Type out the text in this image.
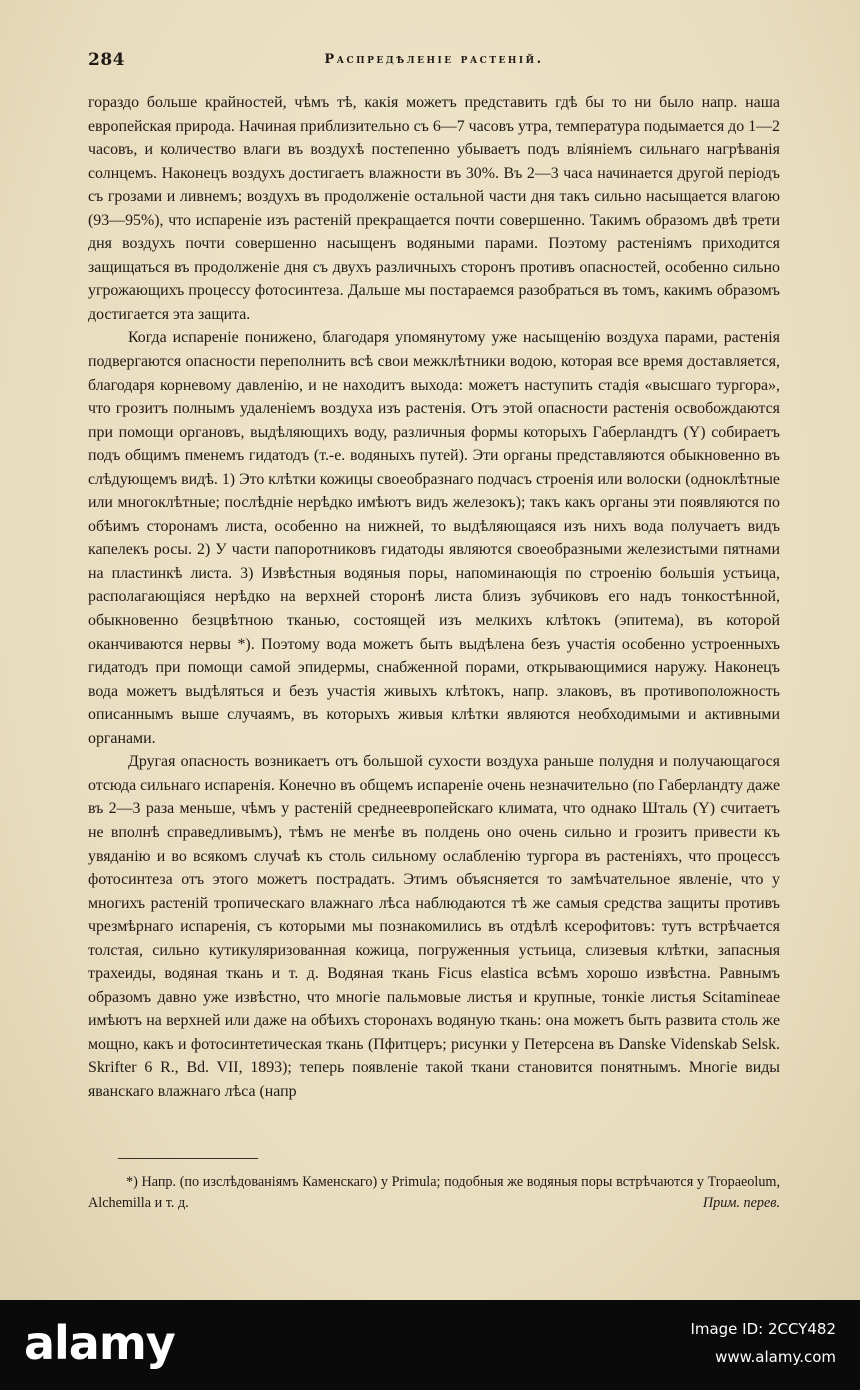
284	Распредѣленіе растеній.

гораздо больше крайностей, чѣмъ тѣ, какія можетъ представить гдѣ бы то ни было напр. наша европейская природа. Начиная приблизительно съ 6—7 часовъ утра, температура подымается до 1—2 часовъ, и количество влаги въ воздухѣ постепенно убываетъ подъ вліяніемъ сильнаго нагрѣванія солнцемъ. Наконецъ воздухъ достигаетъ влажности въ 30%. Въ 2—3 часа начинается другой періодъ съ грозами и ливнемъ; воздухъ въ продолженіе остальной части дня такъ сильно насыщается влагою (93—95%), что испареніе изъ растеній прекращается почти совершенно. Такимъ образомъ двѣ трети дня воздухъ почти совершенно насыщенъ водяными парами. Поэтому растеніямъ приходится защищаться въ продолженіе дня съ двухъ различныхъ сторонъ противъ опасностей, особенно сильно угрожающихъ процессу фотосинтеза. Дальше мы постараемся разобраться въ томъ, какимъ образомъ достигается эта защита.

Когда испареніе понижено, благодаря упомянутому уже насыщенію воздуха парами, растенія подвергаются опасности переполнить всѣ свои межклѣтники водою, которая все время доставляется, благодаря корневому давленію, и не находитъ выхода: можетъ наступить стадія «высшаго тургора», что грозитъ полнымъ удаленіемъ воздуха изъ растенія. Отъ этой опасности растенія освобождаются при помощи органовъ, выдѣляющихъ воду, различныя формы которыхъ Габерландтъ (Y) собираетъ подъ общимъ пменемъ гидатодъ (т.-е. водяныхъ путей). Эти органы представляются обыкновенно въ слѣдующемъ видѣ. 1) Это клѣтки кожицы своеобразнаго подчасъ строенія или волоски (одноклѣтные или многоклѣтные; послѣдніе нерѣдко имѣютъ видъ железокъ); такъ какъ органы эти появляются по обѣимъ сторонамъ листа, особенно на нижней, то выдѣляющаяся изъ нихъ вода получаетъ видъ капелекъ росы. 2) У части папоротниковъ гидатоды являются своеобразными железистыми пятнами на пластинкѣ листа. 3) Извѣстныя водяныя поры, напоминающія по строенію большія устьица, располагающіяся нерѣдко на верхней сторонѣ листа близъ зубчиковъ его надъ тонкостѣнной, обыкновенно безцвѣтною тканью, состоящей изъ мелкихъ клѣтокъ (эпитема), въ которой оканчиваются нервы *). Поэтому вода можетъ быть выдѣлена безъ участія особенно устроенныхъ гидатодъ при помощи самой эпидермы, снабженной порами, открывающимися наружу. Наконецъ вода можетъ выдѣляться и безъ участія живыхъ клѣтокъ, напр. злаковъ, въ противоположность описаннымъ выше случаямъ, въ которыхъ живыя клѣтки являются необходимыми и активными органами.

Другая опасность возникаетъ отъ большой сухости воздуха раньше полудня и получающагося отсюда сильнаго испаренія. Конечно въ общемъ испареніе очень незначительно (по Габерландту даже въ 2—3 раза меньше, чѣмъ у растеній среднеевропейскаго климата, что однако Шталь (Y) считаетъ не вполнѣ справедливымъ), тѣмъ не менѣе въ полдень оно очень сильно и грозитъ привести къ увяданію и во всякомъ случаѣ къ столь сильному ослабленію тургора въ растеніяхъ, что процессъ фотосинтеза отъ этого можетъ пострадать. Этимъ объясняется то замѣчательное явленіе, что у многихъ растеній тропическаго влажнаго лѣса наблюдаются тѣ же самыя средства защиты противъ чрезмѣрнаго испаренія, съ которыми мы познакомились въ отдѣлѣ ксерофитовъ: тутъ встрѣчается толстая, сильно кутикуляризованная кожица, погруженныя устьица, слизевыя клѣтки, запасныя трахеиды, водяная ткань и т. д. Водяная ткань Ficus elastica всѣмъ хорошо извѣстна. Равнымъ образомъ давно уже извѣстно, что многіе пальмовые листья и крупные, тонкіе листья Scitamineae имѣютъ на верхней или даже на обѣихъ сторонахъ водяную ткань: она можетъ быть развита столь же мощно, какъ и фотосинтетическая ткань (Пфитцеръ; рисунки у Петерсена въ Danske Videnskab Selsk. Skrifter 6 R., Bd. VII, 1893); теперь появленіе такой ткани становится понятнымъ. Многіе виды яванскаго влажнаго лѣса (напр

*) Напр. (по изслѣдованіямъ Каменскаго) у Primula; подобныя же водяныя поры встрѣчаются у Tropaeolum, Alchemilla и т. д.	Прим. перев.
alamy	Image ID: 2CCY482
www.alamy.com
